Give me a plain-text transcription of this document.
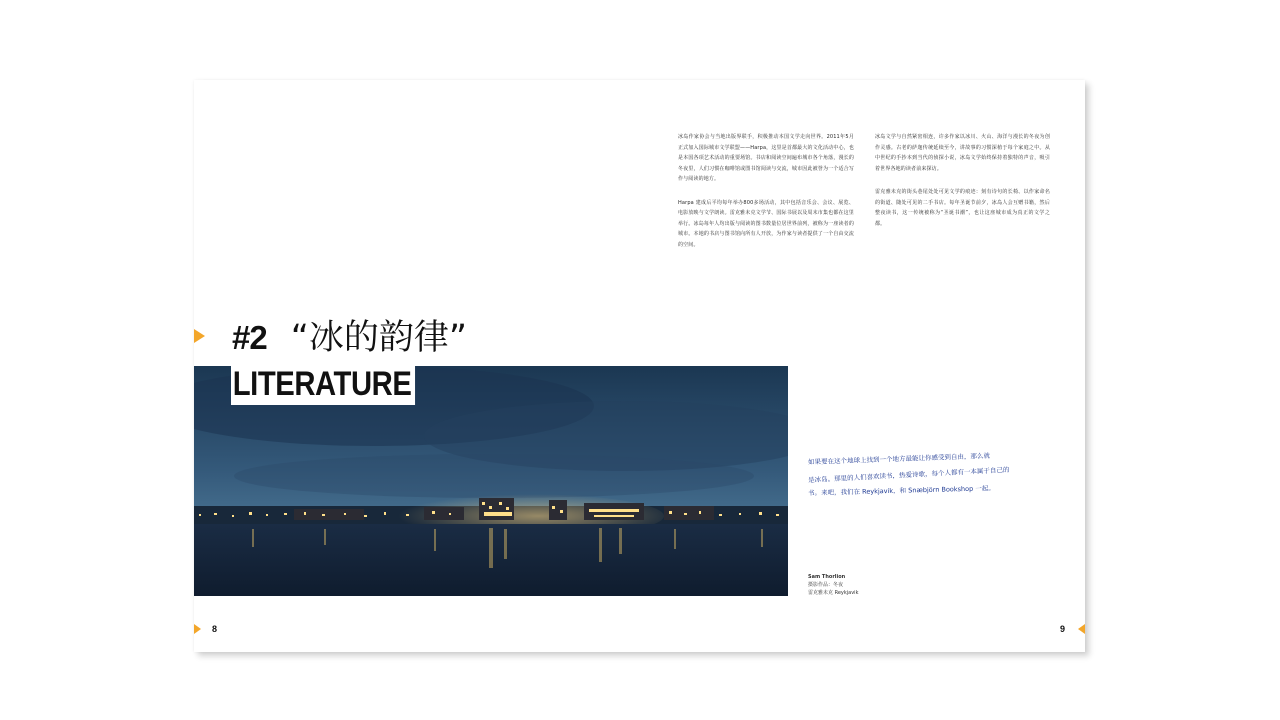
冰岛作家协会与当地出版界联手，积极推动本国文学走向世界。2011年5月正式加入国际城市文学联盟——Harpa，这里是首都最大的文化活动中心，也是本国各项艺术活动的重要场馆。书店和阅读空间遍布城市各个角落，漫长的冬夜里，人们习惯在咖啡馆或图书馆阅读与交流，城市因此被誉为一个适合写作与阅读的地方。

Harpa 建成后平均每年举办800多场活动，其中包括音乐会、会议、展览、电影放映与文学朗读。雷克雅未克文学节、国际书展以及周末市集也都在这里举行。冰岛每年人均出版与阅读的图书数量位居世界前列，被称为一座读者的城市。本地的书店与图书馆向所有人开放，为作家与读者提供了一个自由交流的空间。

冰岛文学与自然紧密相连，许多作家以冰川、火山、海洋与漫长的冬夜为创作灵感。古老的萨迦传统延续至今，讲故事的习惯深植于每个家庭之中。从中世纪的手抄本到当代的侦探小说，冰岛文学始终保持着独特的声音，吸引着世界各地的读者前来探访。

雷克雅未克的街头巷尾处处可见文学的痕迹：刻有诗句的长椅、以作家命名的街道、随处可见的二手书店。每年圣诞节前夕，冰岛人会互赠书籍，然后整夜读书，这一传统被称为“圣诞书潮”，也让这座城市成为真正的文学之都。

#2 “冰的韵律”
LITERATURE
如果要在这个地球上找到一个地方最能让你感受到自由，那么就
是冰岛。那里的人们喜欢读书，热爱诗歌，每个人都有一本属于自己的
书。来吧，我们在 Reykjavik，和 Snæbjörn Bookshop 一起。
Sam Thorlion
摄影作品：冬夜
雷克雅未克 Reykjavik
8	9
